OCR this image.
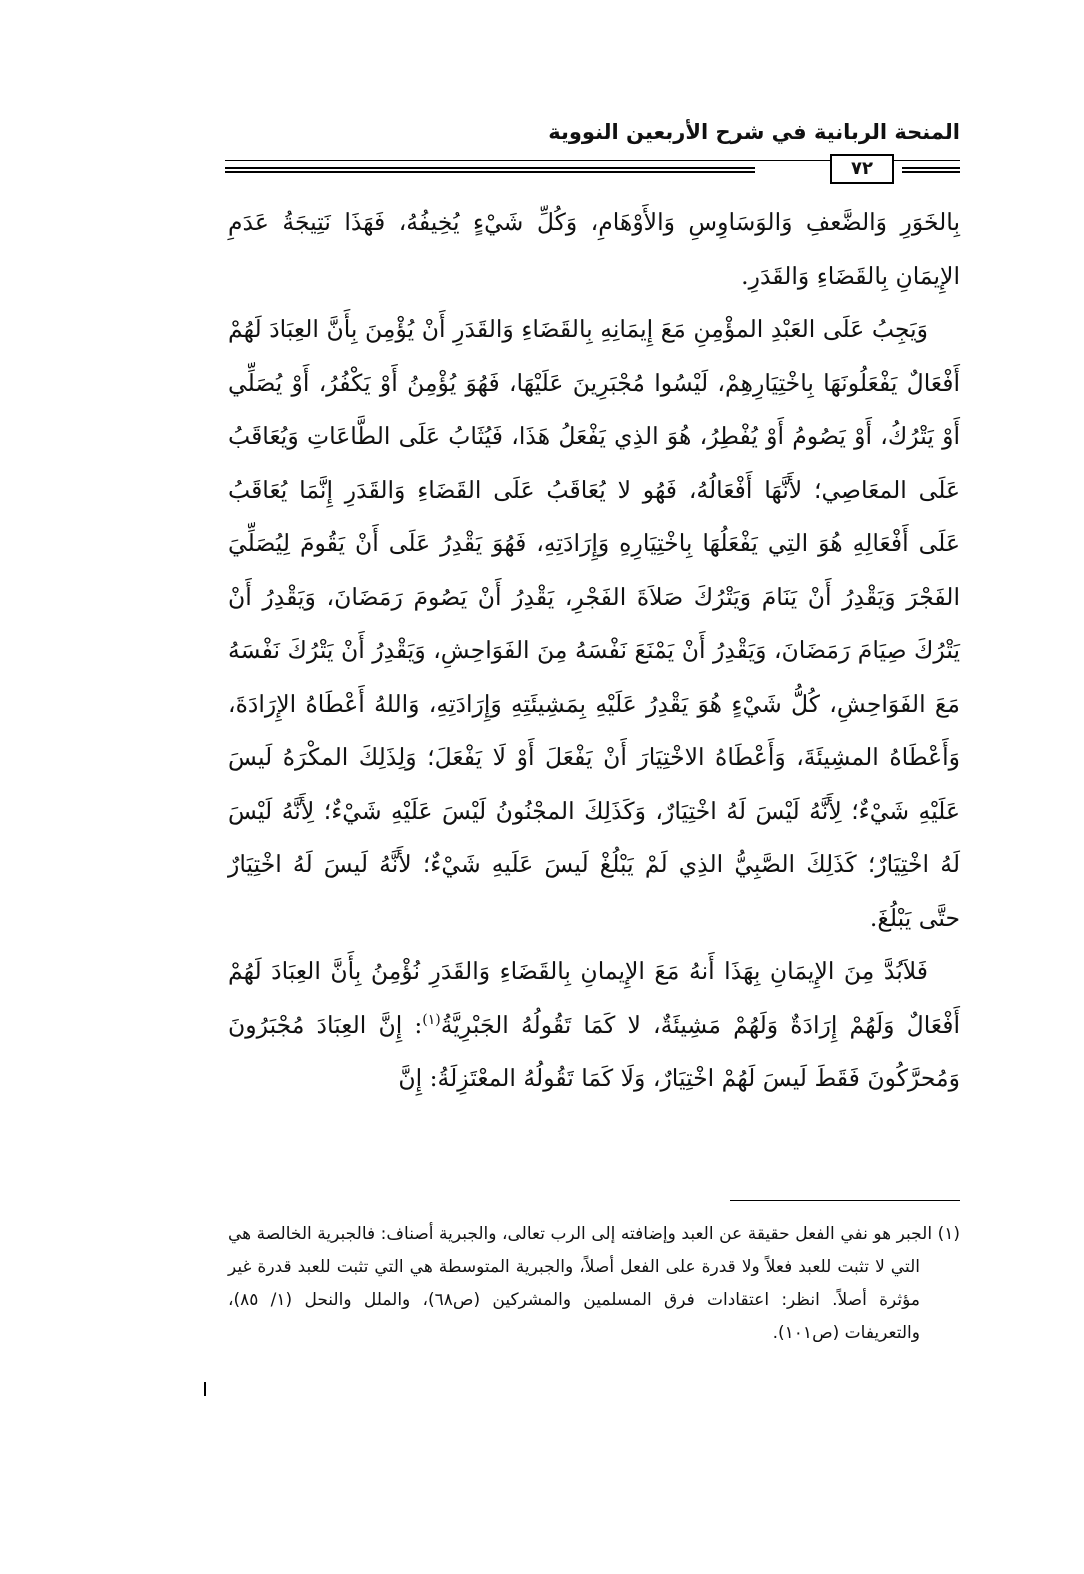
المنحة الربانية في شرح الأربعين النووية
٧٢

بِالخَوَرِ وَالضَّعفِ وَالوَسَاوِسِ وَالأَوْهَامِ، وَكُلِّ شَيْءٍ يُخِيفُهُ، فَهَذَا نَتِيجَةُ عَدَمِ الإِيمَانِ بِالقَضَاءِ وَالقَدَرِ.

وَيَجِبُ عَلَى العَبْدِ المؤْمِنِ مَعَ إِيمَانِهِ بِالقَضَاءِ وَالقَدَرِ أَنْ يُؤْمِنَ بِأَنَّ العِبَادَ لَهُمْ أَفْعَالٌ يَفْعَلُونَهَا بِاخْتِيَارِهِمْ، لَيْسُوا مُجْبَرِينَ عَلَيْهَا، فَهُوَ يُؤْمِنُ أَوْ يَكْفُرُ، أَوْ يُصَلِّي أَوْ يَتْرُكُ، أَوْ يَصُومُ أَوْ يُفْطِرُ، هُوَ الذِي يَفْعَلُ هَذَا، فَيُثَابُ عَلَى الطَّاعَاتِ وَيُعَاقَبُ عَلَى المعَاصِي؛ لأَنَّهَا أَفْعَالُهُ، فَهُو لا يُعَاقَبُ عَلَى القَضَاءِ وَالقَدَرِ إِنَّمَا يُعَاقَبُ عَلَى أَفْعَالِهِ هُوَ التِي يَفْعَلُهَا بِاخْتِيَارِهِ وَإِرَادَتِهِ، فَهُوَ يَقْدِرُ عَلَى أَنْ يَقُومَ لِيُصَلِّيَ الفَجْرَ وَيَقْدِرُ أَنْ يَنَامَ وَيَتْرُكَ صَلاَةَ الفَجْرِ، يَقْدِرُ أَنْ يَصُومَ رَمَضَانَ، وَيَقْدِرُ أَنْ يَتْرُكَ صِيَامَ رَمَضَانَ، وَيَقْدِرُ أَنْ يَمْنَعَ نَفْسَهُ مِنَ الفَوَاحِشِ، وَيَقْدِرُ أَنْ يَتْرُكَ نَفْسَهُ مَعَ الفَوَاحِشِ، كُلُّ شَيْءٍ هُوَ يَقْدِرُ عَلَيْهِ بِمَشِيئَتِهِ وَإِرَادَتِهِ، وَاللهُ أَعْطَاهُ الإِرَادَةَ، وَأَعْطَاهُ المشِيئَةَ، وَأَعْطَاهُ الاخْتِيَارَ أَنْ يَفْعَلَ أَوْ لَا يَفْعَلَ؛ وَلِذَلِكَ المكْرَهُ لَيسَ عَلَيْهِ شَيْءٌ؛ لِأَنَّهُ لَيْسَ لَهُ اخْتِيَارٌ، وَكَذَلِكَ المجْنُونُ لَيْسَ عَلَيْهِ شَيْءٌ؛ لِأَنَّهُ لَيْسَ لَهُ اخْتِيَارٌ؛ كَذَلِكَ الصَّبِيُّ الذِي لَمْ يَبْلُغْ لَيسَ عَلَيهِ شَيْءٌ؛ لأَنَّهُ لَيسَ لَهُ اخْتِيَارٌ حتَّى يَبْلُغَ.

فَلاَبُدَّ مِنَ الإِيمَانِ بِهَذَا أَنهُ مَعَ الإِيمانِ بِالقَضَاءِ وَالقَدَرِ نُؤْمِنُ بِأَنَّ العِبَادَ لَهُمْ أَفْعَالٌ وَلَهُمْ إِرَادَةٌ وَلَهُمْ مَشِيئَةٌ، لا كَمَا تَقُولُهُ الجَبْرِيَّةُ$^{(١)}$: إِنَّ العِبَادَ مُجْبَرُونَ وَمُحرَّكُونَ فَقَطَ لَيسَ لَهُمْ اخْتِيَارٌ، وَلَا كَمَا تَقُولُهُ المعْتَزِلَةُ: إِنَّ

(١) الجبر هو نفي الفعل حقيقة عن العبد وإضافته إلى الرب تعالى، والجبرية أصناف: فالجبرية الخالصة هي التي لا تثبت للعبد فعلاً ولا قدرة على الفعل أصلاً، والجبرية المتوسطة هي التي تثبت للعبد قدرة غير مؤثرة أصلاً. انظر: اعتقادات فرق المسلمين والمشركين (ص٦٨)، والملل والنحل (١/ ٨٥)، والتعريفات (ص١٠١).
